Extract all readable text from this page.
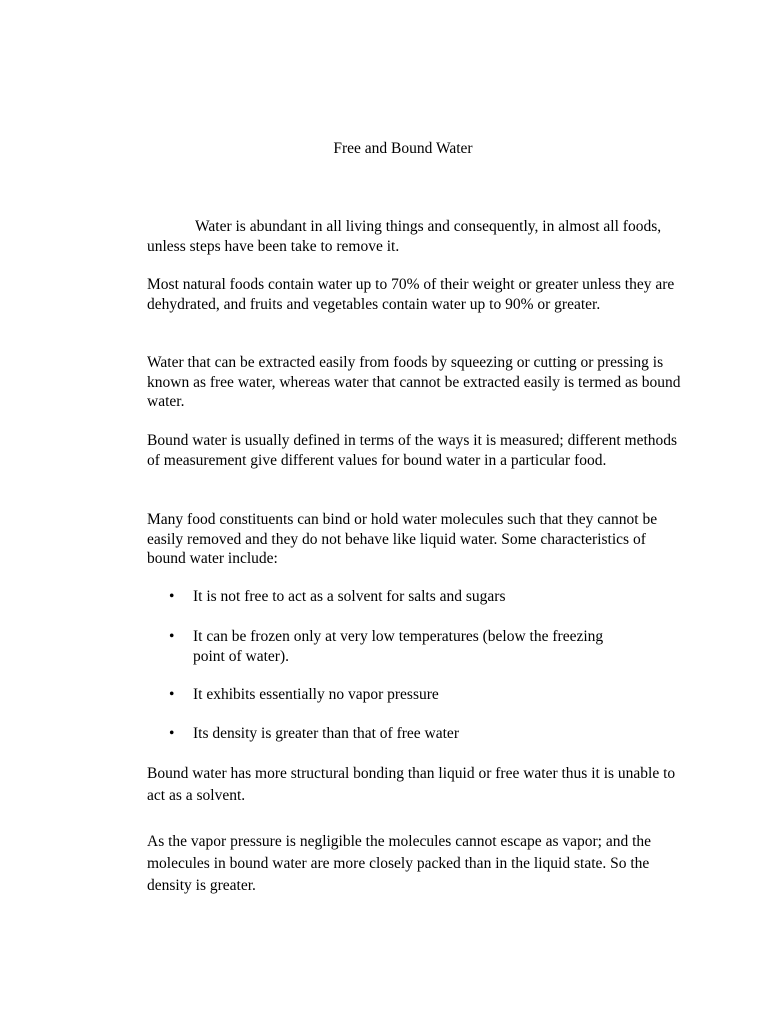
Free and Bound Water

Water is abundant in all living things and consequently, in almost all foods, unless steps have been take to remove it.

Most natural foods contain water up to 70% of their weight or greater unless they are dehydrated, and fruits and vegetables contain water up to 90% or greater.

Water that can be extracted easily from foods by squeezing or cutting or pressing is known as free water, whereas water that cannot be extracted easily is termed as bound water.

Bound water is usually defined in terms of the ways it is measured; different methods of measurement give different values for bound water in a particular food.

Many food constituents can bind or hold water molecules such that they cannot be easily removed and they do not behave like liquid water. Some characteristics of bound water include:

• It is not free to act as a solvent for salts and sugars
• It can be frozen only at very low temperatures (below the freezing point of water).
• It exhibits essentially no vapor pressure
• Its density is greater than that of free water

Bound water has more structural bonding than liquid or free water thus it is unable to act as a solvent.

As the vapor pressure is negligible the molecules cannot escape as vapor; and the molecules in bound water are more closely packed than in the liquid state. So the density is greater.
